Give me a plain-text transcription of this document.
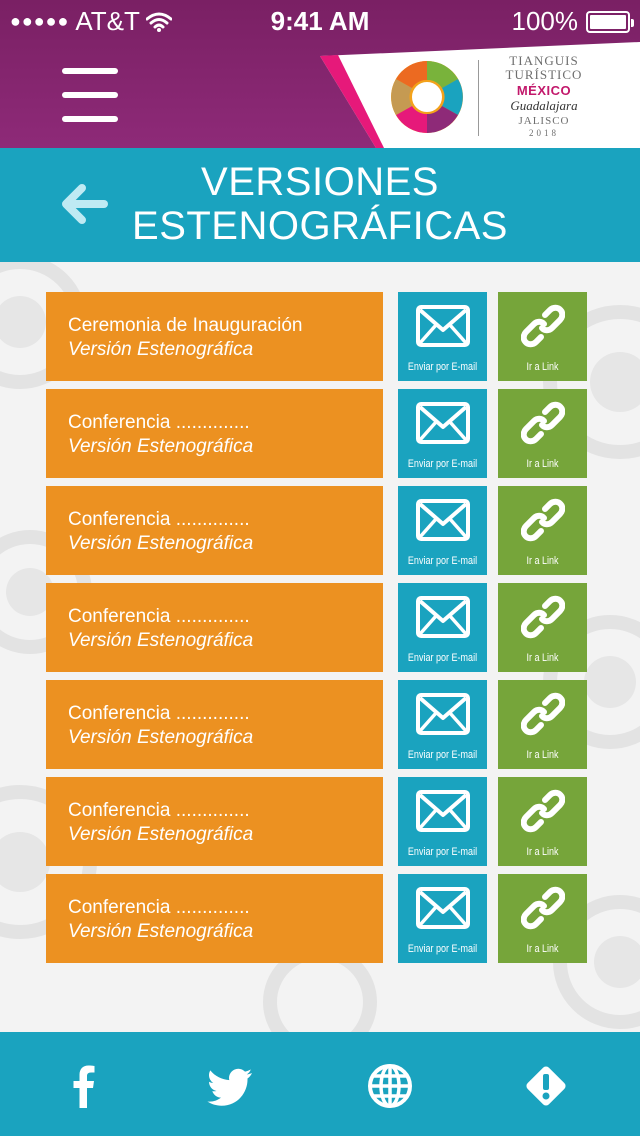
●●●●● AT&T	9:41 AM	100%
TIANGUIS
TURÍSTICO
MÉXICO
Guadalajara
JALISCO
2018
VERSIONES
ESTENOGRÁFICAS
Ceremonia de Inauguración
Versión Estenográfica
Enviar por E-mail	Ir a Link
Conferencia ..............
Versión Estenográfica
Enviar por E-mail	Ir a Link
Conferencia ..............
Versión Estenográfica
Enviar por E-mail	Ir a Link
Conferencia ..............
Versión Estenográfica
Enviar por E-mail	Ir a Link
Conferencia ..............
Versión Estenográfica
Enviar por E-mail	Ir a Link
Conferencia ..............
Versión Estenográfica
Enviar por E-mail	Ir a Link
Conferencia ..............
Versión Estenográfica
Enviar por E-mail	Ir a Link
